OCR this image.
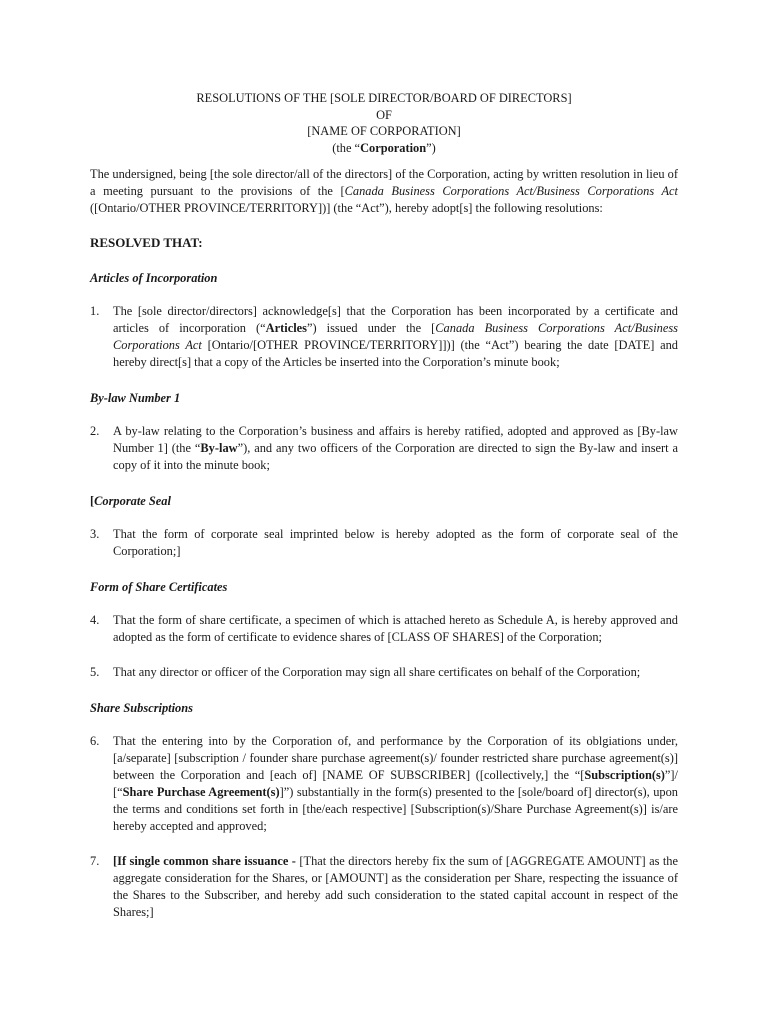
RESOLUTIONS OF THE [SOLE DIRECTOR/BOARD OF DIRECTORS]
OF
[NAME OF CORPORATION]
(the “Corporation”)
The undersigned, being [the sole director/all of the directors] of the Corporation, acting by written resolution in lieu of a meeting pursuant to the provisions of the [Canada Business Corporations Act/Business Corporations Act ([Ontario/OTHER PROVINCE/TERRITORY])] (the “Act”), hereby adopt[s] the following resolutions:
RESOLVED THAT:
Articles of Incorporation
1.	The [sole director/directors] acknowledge[s] that the Corporation has been incorporated by a certificate and articles of incorporation (“Articles”) issued under the [Canada Business Corporations Act/Business Corporations Act [Ontario/[OTHER PROVINCE/TERRITORY]])] (the “Act”) bearing the date [DATE] and hereby direct[s] that a copy of the Articles be inserted into the Corporation’s minute book;
By-law Number 1
2.	A by-law relating to the Corporation’s business and affairs is hereby ratified, adopted and approved as [By-law Number 1] (the “By-law”), and any two officers of the Corporation are directed to sign the By-law and insert a copy of it into the minute book;
[Corporate Seal
3.	That the form of corporate seal imprinted below is hereby adopted as the form of corporate seal of the Corporation;]
Form of Share Certificates
4.	That the form of share certificate, a specimen of which is attached hereto as Schedule A, is hereby approved and adopted as the form of certificate to evidence shares of [CLASS OF SHARES] of the Corporation;
5.	That any director or officer of the Corporation may sign all share certificates on behalf of the Corporation;
Share Subscriptions
6.	That the entering into by the Corporation of, and performance by the Corporation of its oblgiations under, [a/separate] [subscription / founder share purchase agreement(s)/ founder restricted share purchase agreement(s)] between the Corporation and [each of] [NAME OF SUBSCRIBER] ([collectively,] the “[Subscription(s)”]/ [“Share Purchase Agreement(s)]”) substantially in the form(s) presented to the [sole/board of] director(s), upon the terms and conditions set forth in [the/each respective] [Subscription(s)/Share Purchase Agreement(s)] is/are hereby accepted and approved;
7.	[If single common share issuance - [That the directors hereby fix the sum of [AGGREGATE AMOUNT] as the aggregate consideration for the Shares, or [AMOUNT] as the consideration per Share, respecting the issuance of the Shares to the Subscriber, and hereby add such consideration to the stated capital account in respect of the Shares;]
